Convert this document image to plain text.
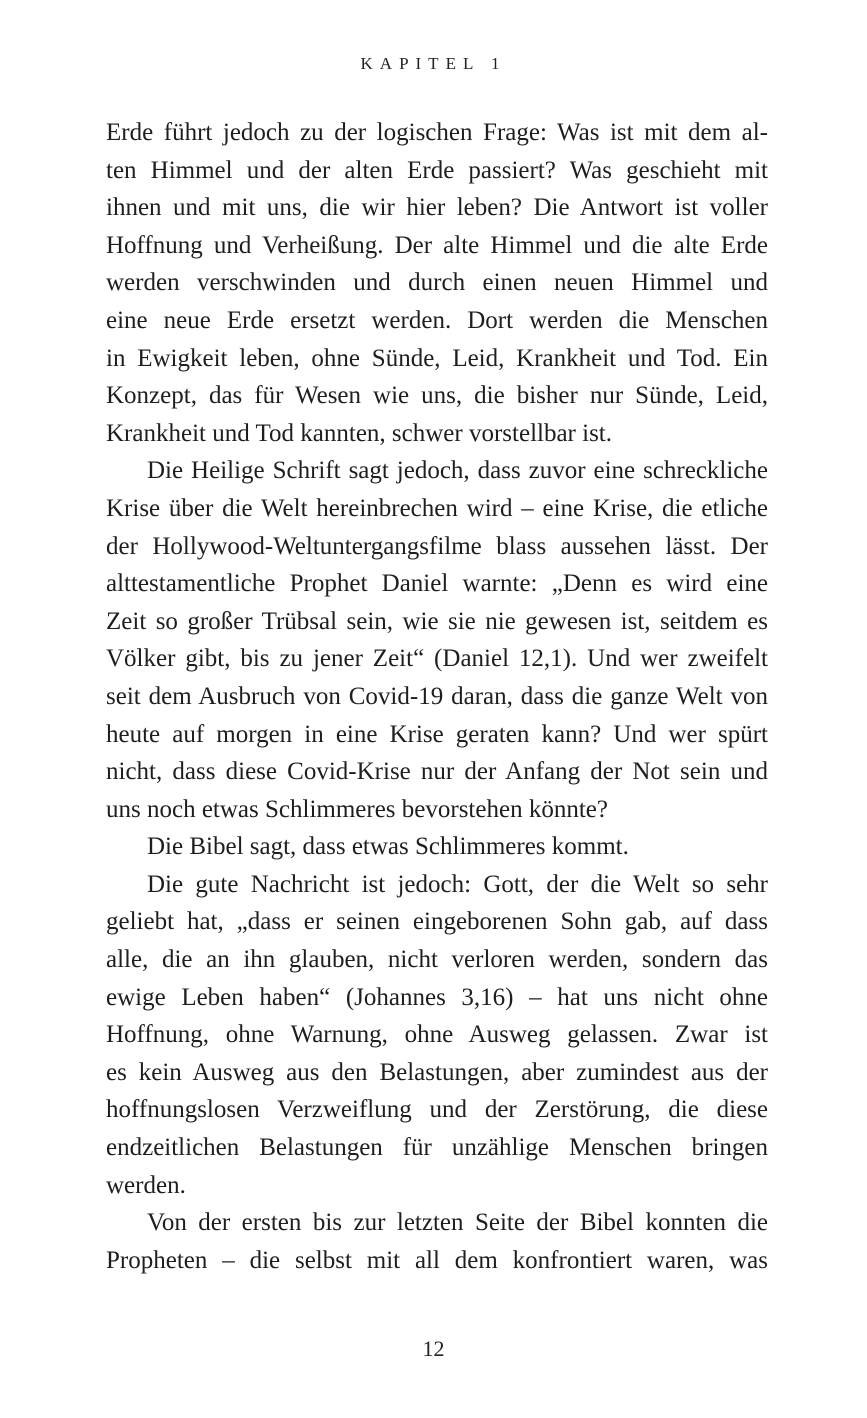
KAPITEL 1
Erde führt jedoch zu der logischen Frage: Was ist mit dem al-
ten Himmel und der alten Erde passiert? Was geschieht mit
ihnen und mit uns, die wir hier leben? Die Antwort ist voller
Hoffnung und Verheißung. Der alte Himmel und die alte Erde
werden verschwinden und durch einen neuen Himmel und
eine neue Erde ersetzt werden. Dort werden die Menschen
in Ewigkeit leben, ohne Sünde, Leid, Krankheit und Tod. Ein
Konzept, das für Wesen wie uns, die bisher nur Sünde, Leid,
Krankheit und Tod kannten, schwer vorstellbar ist.
Die Heilige Schrift sagt jedoch, dass zuvor eine schreckliche
Krise über die Welt hereinbrechen wird – eine Krise, die etliche
der Hollywood-Weltuntergangsfilme blass aussehen lässt. Der
alttestamentliche Prophet Daniel warnte: „Denn es wird eine
Zeit so großer Trübsal sein, wie sie nie gewesen ist, seitdem es
Völker gibt, bis zu jener Zeit“ (Daniel 12,1). Und wer zweifelt
seit dem Ausbruch von Covid-19 daran, dass die ganze Welt von
heute auf morgen in eine Krise geraten kann? Und wer spürt
nicht, dass diese Covid-Krise nur der Anfang der Not sein und
uns noch etwas Schlimmeres bevorstehen könnte?
Die Bibel sagt, dass etwas Schlimmeres kommt.
Die gute Nachricht ist jedoch: Gott, der die Welt so sehr
geliebt hat, „dass er seinen eingeborenen Sohn gab, auf dass
alle, die an ihn glauben, nicht verloren werden, sondern das
ewige Leben haben“ (Johannes 3,16) – hat uns nicht ohne
Hoffnung, ohne Warnung, ohne Ausweg gelassen. Zwar ist
es kein Ausweg aus den Belastungen, aber zumindest aus der
hoffnungslosen Verzweiflung und der Zerstörung, die diese
endzeitlichen Belastungen für unzählige Menschen bringen
werden.
Von der ersten bis zur letzten Seite der Bibel konnten die
Propheten – die selbst mit all dem konfrontiert waren, was
12
